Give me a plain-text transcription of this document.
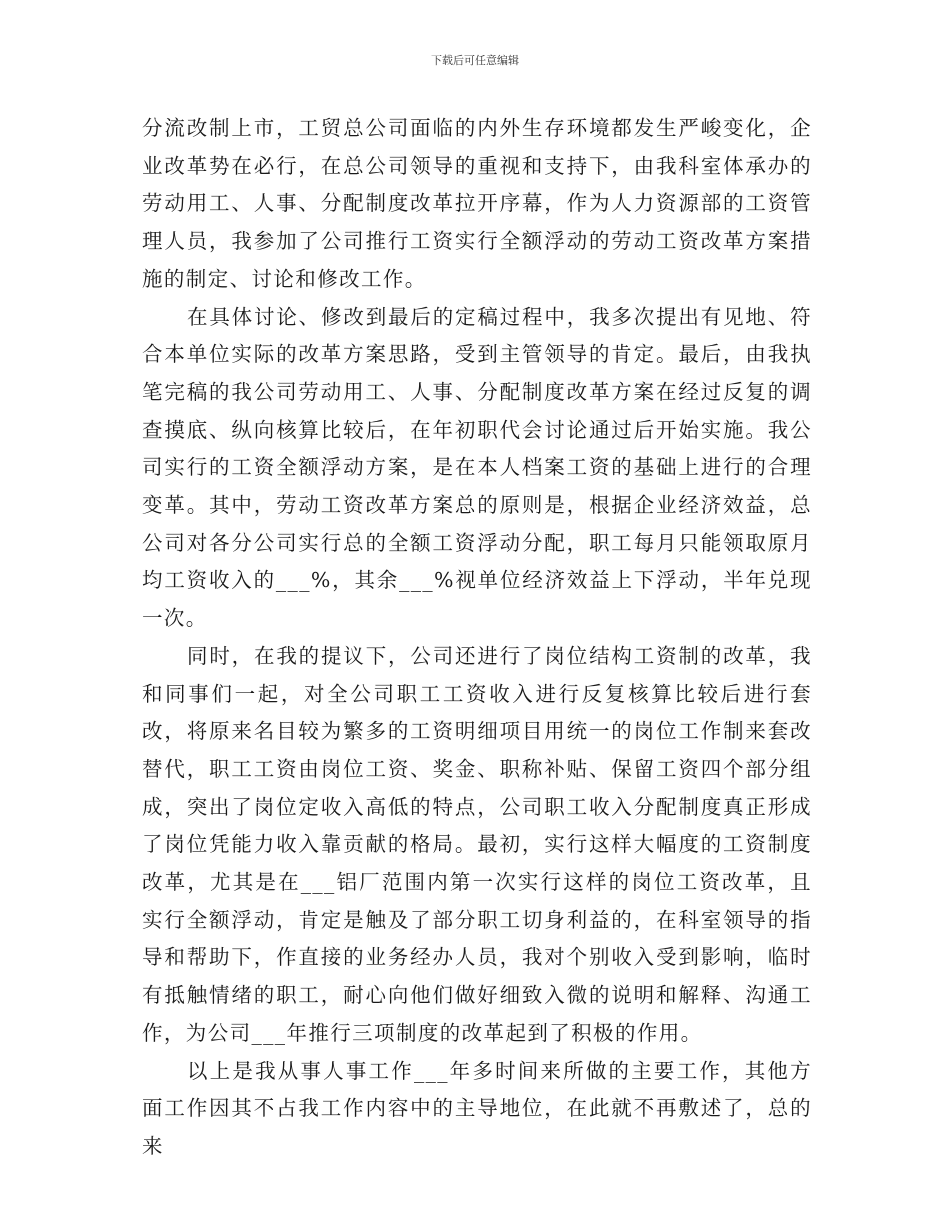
下载后可任意编辑

分流改制上市，工贸总公司面临的内外生存环境都发生严峻变化，企业改革势在必行，在总公司领导的重视和支持下，由我科室体承办的劳动用工、人事、分配制度改革拉开序幕，作为人力资源部的工资管理人员，我参加了公司推行工资实行全额浮动的劳动工资改革方案措施的制定、讨论和修改工作。

在具体讨论、修改到最后的定稿过程中，我多次提出有见地、符合本单位实际的改革方案思路，受到主管领导的肯定。最后，由我执笔完稿的我公司劳动用工、人事、分配制度改革方案在经过反复的调查摸底、纵向核算比较后，在年初职代会讨论通过后开始实施。我公司实行的工资全额浮动方案，是在本人档案工资的基础上进行的合理变革。其中，劳动工资改革方案总的原则是，根据企业经济效益，总公司对各分公司实行总的全额工资浮动分配，职工每月只能领取原月均工资收入的___%，其余___%视单位经济效益上下浮动，半年兑现一次。

同时，在我的提议下，公司还进行了岗位结构工资制的改革，我和同事们一起，对全公司职工工资收入进行反复核算比较后进行套改，将原来名目较为繁多的工资明细项目用统一的岗位工作制来套改替代，职工工资由岗位工资、奖金、职称补贴、保留工资四个部分组成，突出了岗位定收入高低的特点，公司职工收入分配制度真正形成了岗位凭能力收入靠贡献的格局。最初，实行这样大幅度的工资制度改革，尤其是在___铝厂范围内第一次实行这样的岗位工资改革，且实行全额浮动，肯定是触及了部分职工切身利益的，在科室领导的指导和帮助下，作直接的业务经办人员，我对个别收入受到影响，临时有抵触情绪的职工，耐心向他们做好细致入微的说明和解释、沟通工作，为公司___年推行三项制度的改革起到了积极的作用。

以上是我从事人事工作___年多时间来所做的主要工作，其他方面工作因其不占我工作内容中的主导地位，在此就不再敷述了，总的来
